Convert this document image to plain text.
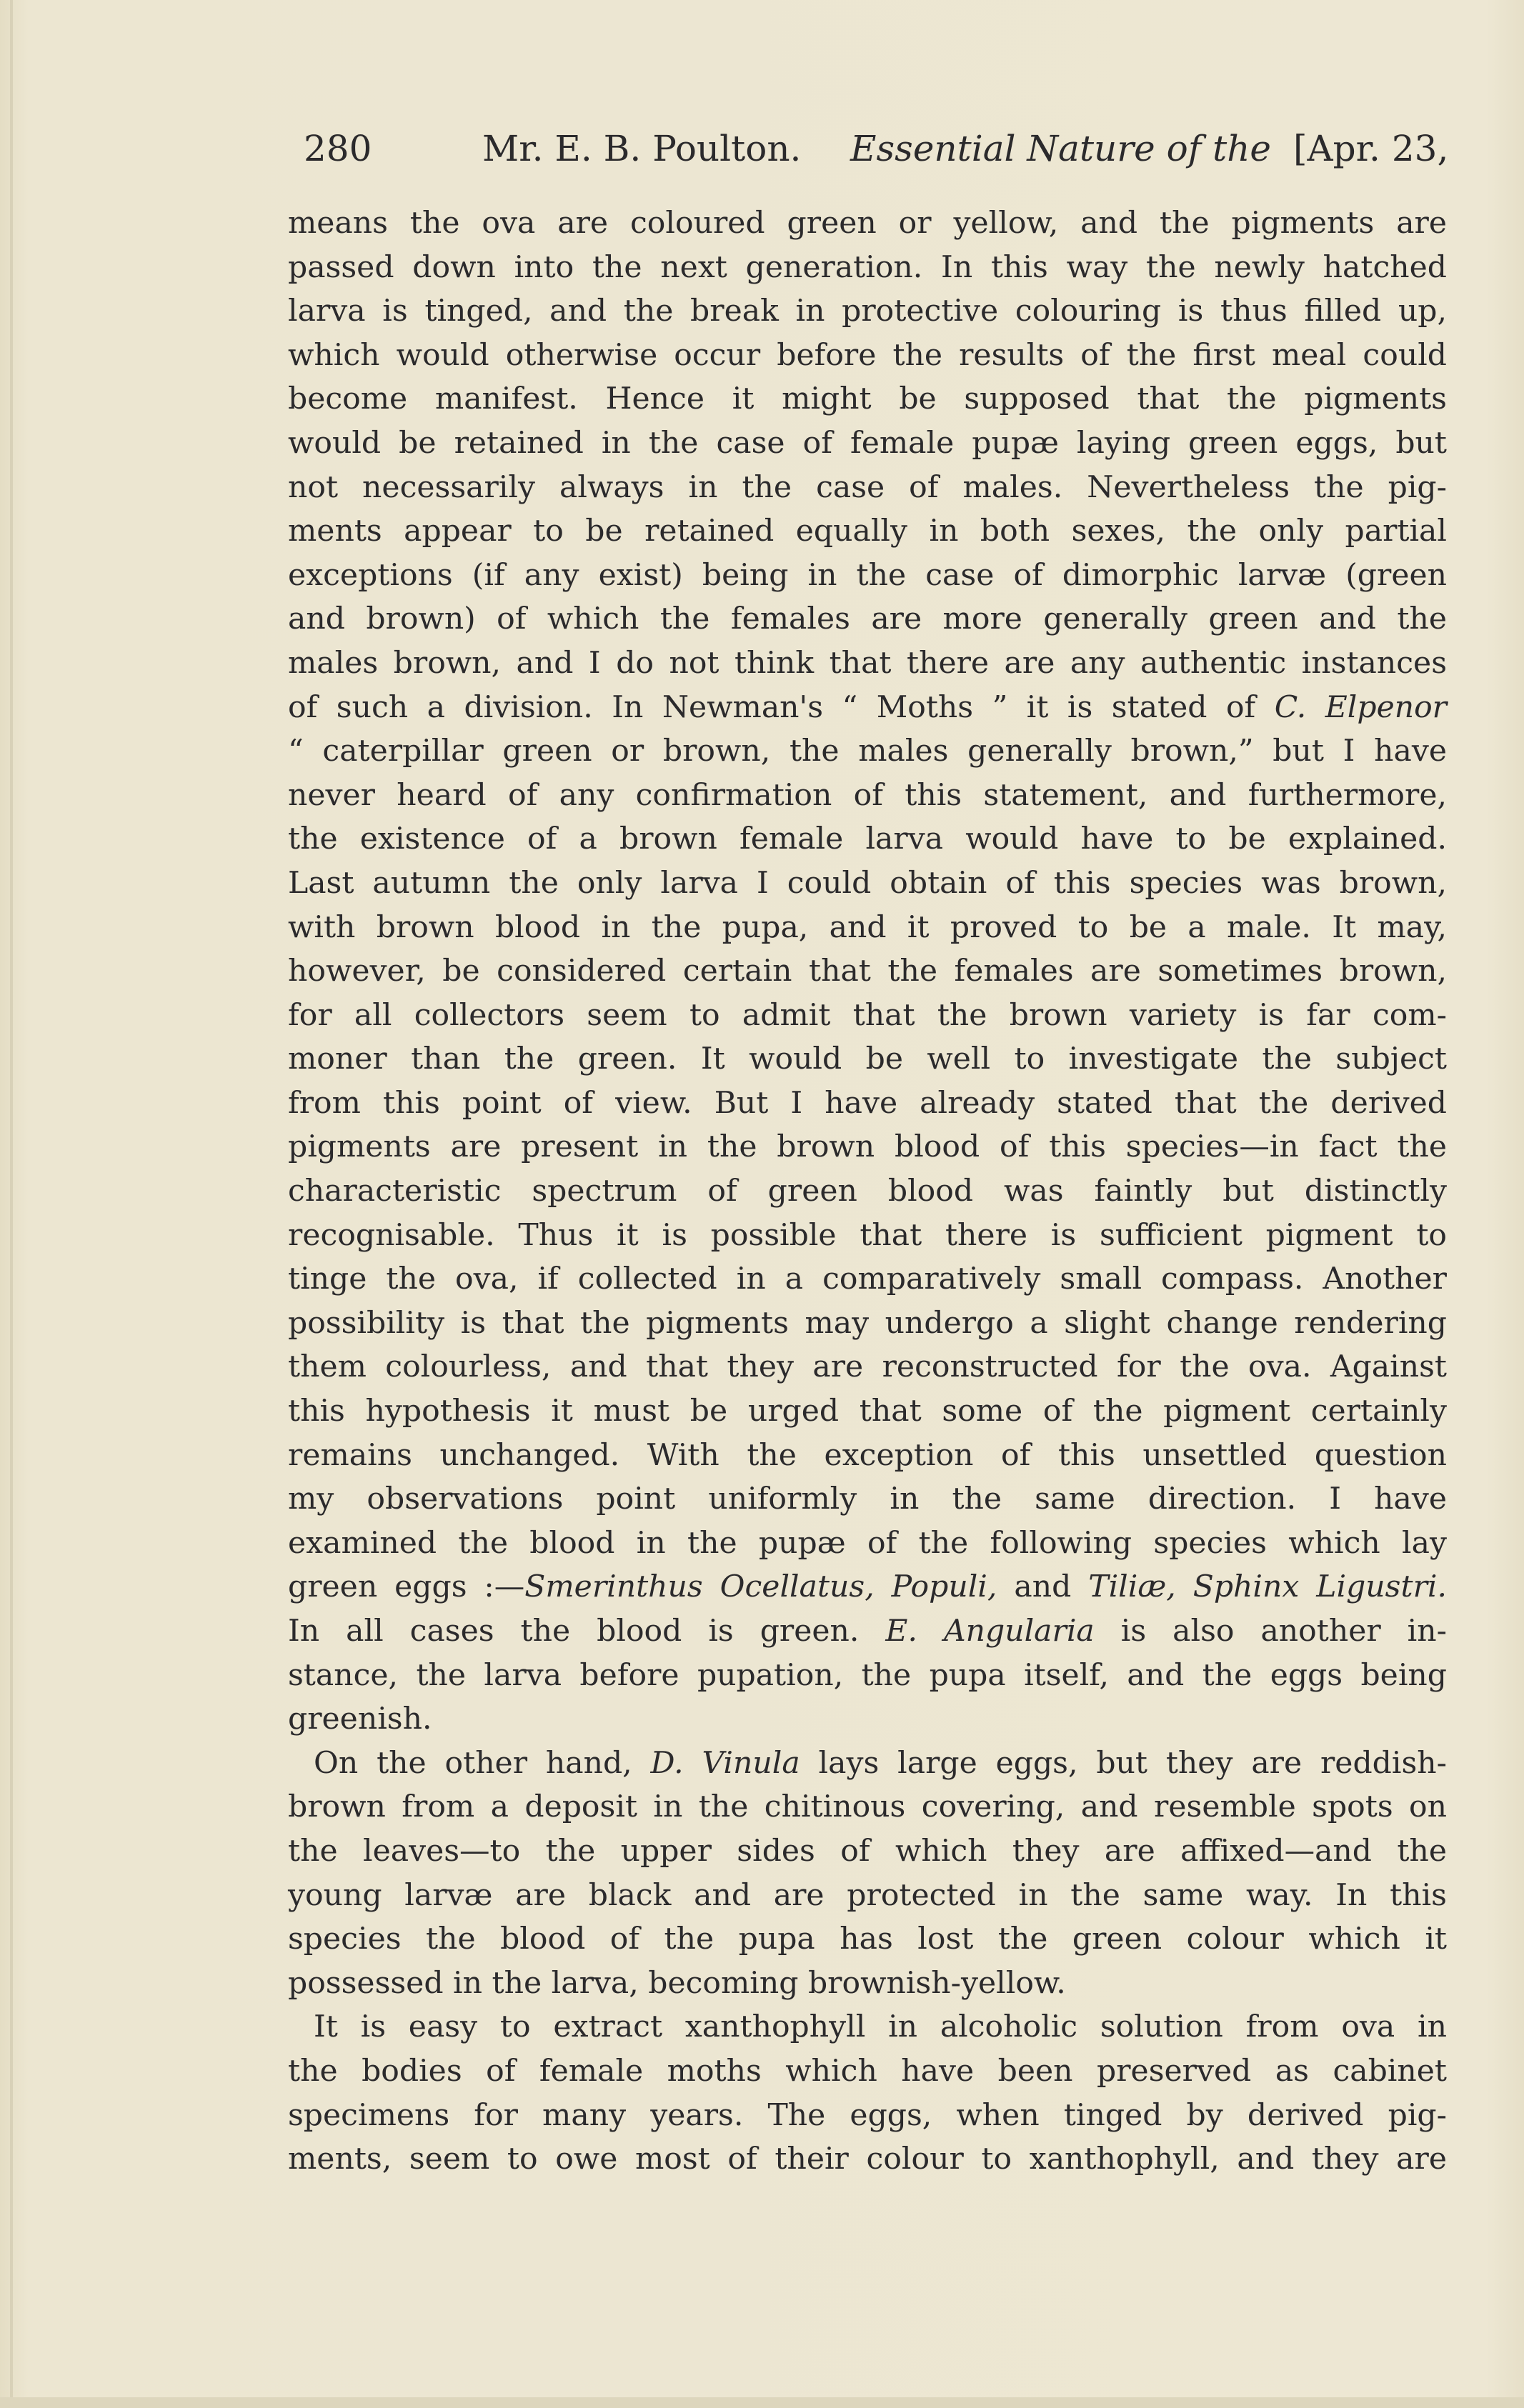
280	Mr. E. B. Poulton. Essential Nature of the [Apr. 23,
means the ova are coloured green or yellow, and the pigments are
passed down into the next generation. In this way the newly hatched
larva is tinged, and the break in protective colouring is thus filled up,
which would otherwise occur before the results of the first meal could
become manifest. Hence it might be supposed that the pigments
would be retained in the case of female pupæ laying green eggs, but
not necessarily always in the case of males. Nevertheless the pig-
ments appear to be retained equally in both sexes, the only partial
exceptions (if any exist) being in the case of dimorphic larvæ (green
and brown) of which the females are more generally green and the
males brown, and I do not think that there are any authentic instances
of such a division. In Newman's “ Moths ” it is stated of C. Elpenor
“ caterpillar green or brown, the males generally brown,” but I have
never heard of any confirmation of this statement, and furthermore,
the existence of a brown female larva would have to be explained.
Last autumn the only larva I could obtain of this species was brown,
with brown blood in the pupa, and it proved to be a male. It may,
however, be considered certain that the females are sometimes brown,
for all collectors seem to admit that the brown variety is far com-
moner than the green. It would be well to investigate the subject
from this point of view. But I have already stated that the derived
pigments are present in the brown blood of this species—in fact the
characteristic spectrum of green blood was faintly but distinctly
recognisable. Thus it is possible that there is sufficient pigment to
tinge the ova, if collected in a comparatively small compass. Another
possibility is that the pigments may undergo a slight change rendering
them colourless, and that they are reconstructed for the ova. Against
this hypothesis it must be urged that some of the pigment certainly
remains unchanged. With the exception of this unsettled question
my observations point uniformly in the same direction. I have
examined the blood in the pupæ of the following species which lay
green eggs :—Smerinthus Ocellatus, Populi, and Tiliæ, Sphinx Ligustri.
In all cases the blood is green. E. Angularia is also another in-
stance, the larva before pupation, the pupa itself, and the eggs being
greenish.
On the other hand, D. Vinula lays large eggs, but they are reddish-
brown from a deposit in the chitinous covering, and resemble spots on
the leaves—to the upper sides of which they are affixed—and the
young larvæ are black and are protected in the same way. In this
species the blood of the pupa has lost the green colour which it
possessed in the larva, becoming brownish-yellow.
It is easy to extract xanthophyll in alcoholic solution from ova in
the bodies of female moths which have been preserved as cabinet
specimens for many years. The eggs, when tinged by derived pig-
ments, seem to owe most of their colour to xanthophyll, and they are
